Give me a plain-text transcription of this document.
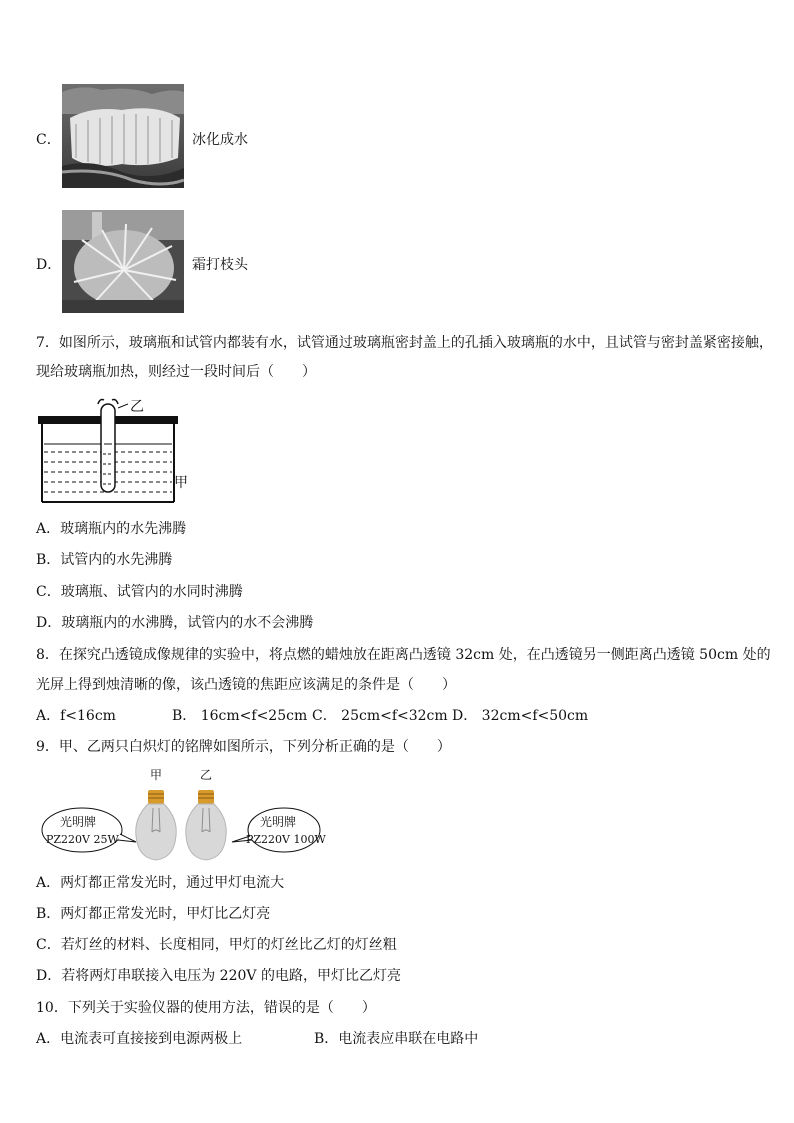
C．	冰化成水
D．	霜打枝头
7．如图所示，玻璃瓶和试管内都装有水，试管通过玻璃瓶密封盖上的孔插入玻璃瓶的水中，且试管与密封盖紧密接触，
现给玻璃瓶加热，则经过一段时间后（　　）
乙
甲
A．玻璃瓶内的水先沸腾
B．试管内的水先沸腾
C．玻璃瓶、试管内的水同时沸腾
D．玻璃瓶内的水沸腾，试管内的水不会沸腾
8．在探究凸透镜成像规律的实验中，将点燃的蜡烛放在距离凸透镜 32cm 处，在凸透镜另一侧距离凸透镜 50cm 处的
光屏上得到烛清晰的像，该凸透镜的焦距应该满足的条件是（　　）
A．f<16cm	B． 16cm<f<25cm C． 25cm<f<32cm D． 32cm<f<50cm
9．甲、乙两只白炽灯的铭牌如图所示，下列分析正确的是（　　）
甲	乙
光明牌
PZ220V 25W
光明牌
PZ220V 100W
A．两灯都正常发光时，通过甲灯电流大
B．两灯都正常发光时，甲灯比乙灯亮
C．若灯丝的材料、长度相同，甲灯的灯丝比乙灯的灯丝粗
D．若将两灯串联接入电压为 220V 的电路，甲灯比乙灯亮
10．下列关于实验仪器的使用方法，错误的是（　　）
A．电流表可直接接到电源两极上	B．电流表应串联在电路中
